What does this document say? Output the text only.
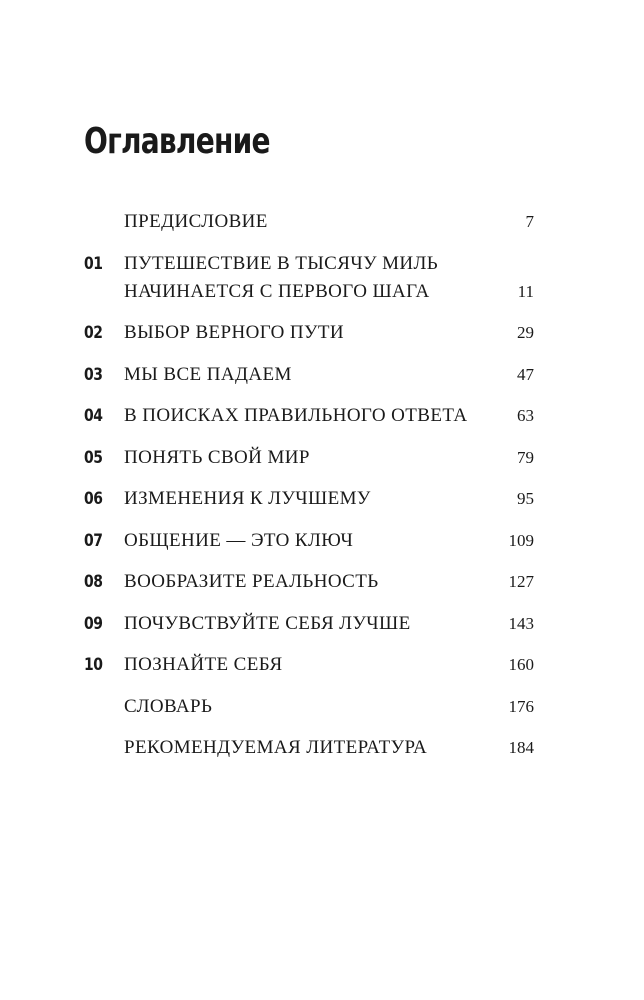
Оглавление
ПРЕДИСЛОВИЕ	7
01 ПУТЕШЕСТВИЕ В ТЫСЯЧУ МИЛЬ
НАЧИНАЕТСЯ С ПЕРВОГО ШАГА	11
02 ВЫБОР ВЕРНОГО ПУТИ	29
03 МЫ ВСЕ ПАДАЕМ	47
04 В ПОИСКАХ ПРАВИЛЬНОГО ОТВЕТА	63
05 ПОНЯТЬ СВОЙ МИР	79
06 ИЗМЕНЕНИЯ К ЛУЧШЕМУ	95
07 ОБЩЕНИЕ — ЭТО КЛЮЧ	109
08 ВООБРАЗИТЕ РЕАЛЬНОСТЬ	127
09 ПОЧУВСТВУЙТЕ СЕБЯ ЛУЧШЕ	143
10 ПОЗНАЙТЕ СЕБЯ	160
СЛОВАРЬ	176
РЕКОМЕНДУЕМАЯ ЛИТЕРАТУРА	184
